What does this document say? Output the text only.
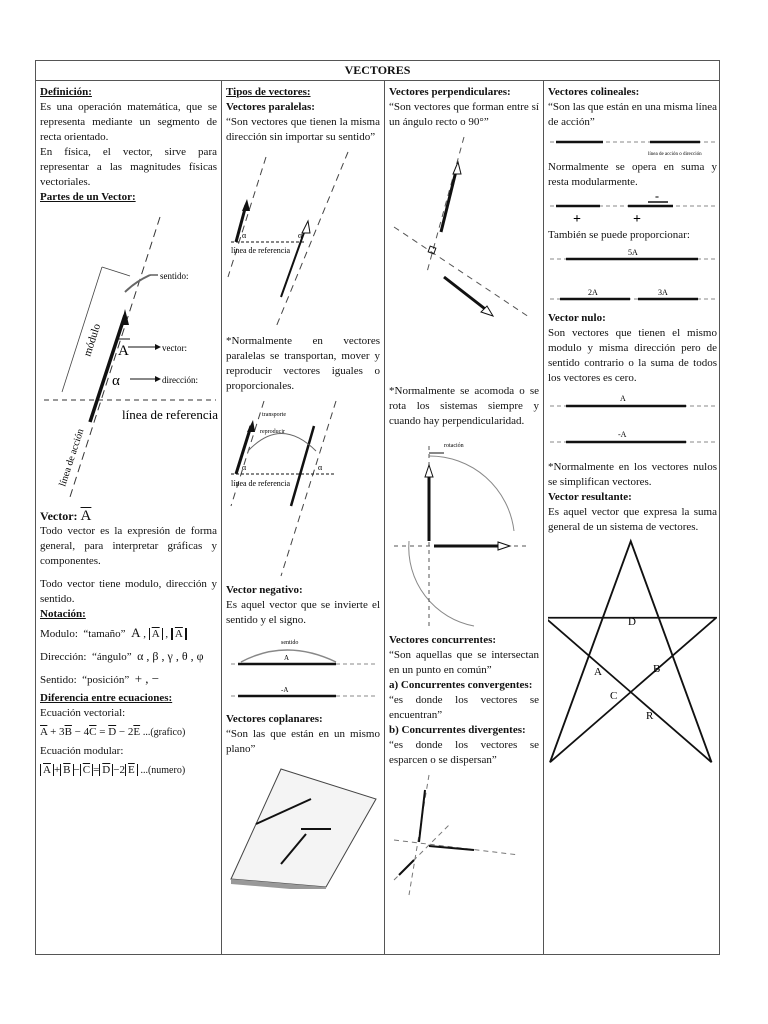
VECTORES
Definición:

Es una operación matemática, que se representa mediante un segmento de recta orientado.

En física, el vector, sirve para representar a las magnitudes físicas vectoriales.

Partes de un Vector:
sentido:
vector:
A
α	dirección:
módulo
línea de referencia
línea de acción
Vector: $\overline{A}$

Todo vector es la expresión de forma general, para interpretar gráficas y componentes.

Todo vector tiene modulo, dirección y sentido.

Notación:
Modulo: “tamaño” A , $\overline{A}$ , $\overline{A}$
Dirección: “ángulo” α , β , γ , θ , φ
Sentido: “posición” + , −
Diferencia entre ecuaciones:
Ecuación vectorial:
$\overline{A} + 3\overline{B} - 4\overline{C} = \overline{D} - 2\overline{E}$ ...(grafico)
Ecuación modular:
$\overline{A} + \overline{B} - \overline{C} = \overline{D} -2$ $\overline{E}$ ...(numero)
Tipos de vectores:
Vectores paralelas:

“Son vectores que tienen la misma dirección sin importar su sentido”

α	α
línea de referencia

*Normalmente en vectores paralelas se transportan, mover y reproducir vectores iguales o proporcionales.

transporte
reproducir
α	α
línea de referencia
Vector negativo:

Es aquel vector que se invierte el sentido y el signo.

sentido
A
-A
Vectores coplanares:

“Son las que están en un mismo plano”

Vectores perpendiculares:

“Son vectores que forman entre sí un ángulo recto o 90°”

*Normalmente se acomoda o se rota los sistemas siempre y cuando hay perpendicularidad.

rotación
Vectores concurrentes:

“Son aquellas que se intersectan en un punto en común”

a) Concurrentes convergentes:

“es donde los vectores se encuentran”

b) Concurrentes divergentes:

“es donde los vectores se esparcen o se dispersan”

Vectores colineales:

“Son las que están en una misma línea de acción”

línea de acción o dirección

Normalmente se opera en suma y resta modularmente.

+	+
-

También se puede proporcionar:

5A
2A	3A
Vector nulo:

Son vectores que tienen el mismo modulo y misma dirección pero de sentido contrario o la suma de todos los vectores es cero.

A
-A

*Normalmente en los vectores nulos se simplifican vectores.

Vector resultante:

Es aquel vector que expresa la suma general de un sistema de vectores.

D
A	B
C
R
